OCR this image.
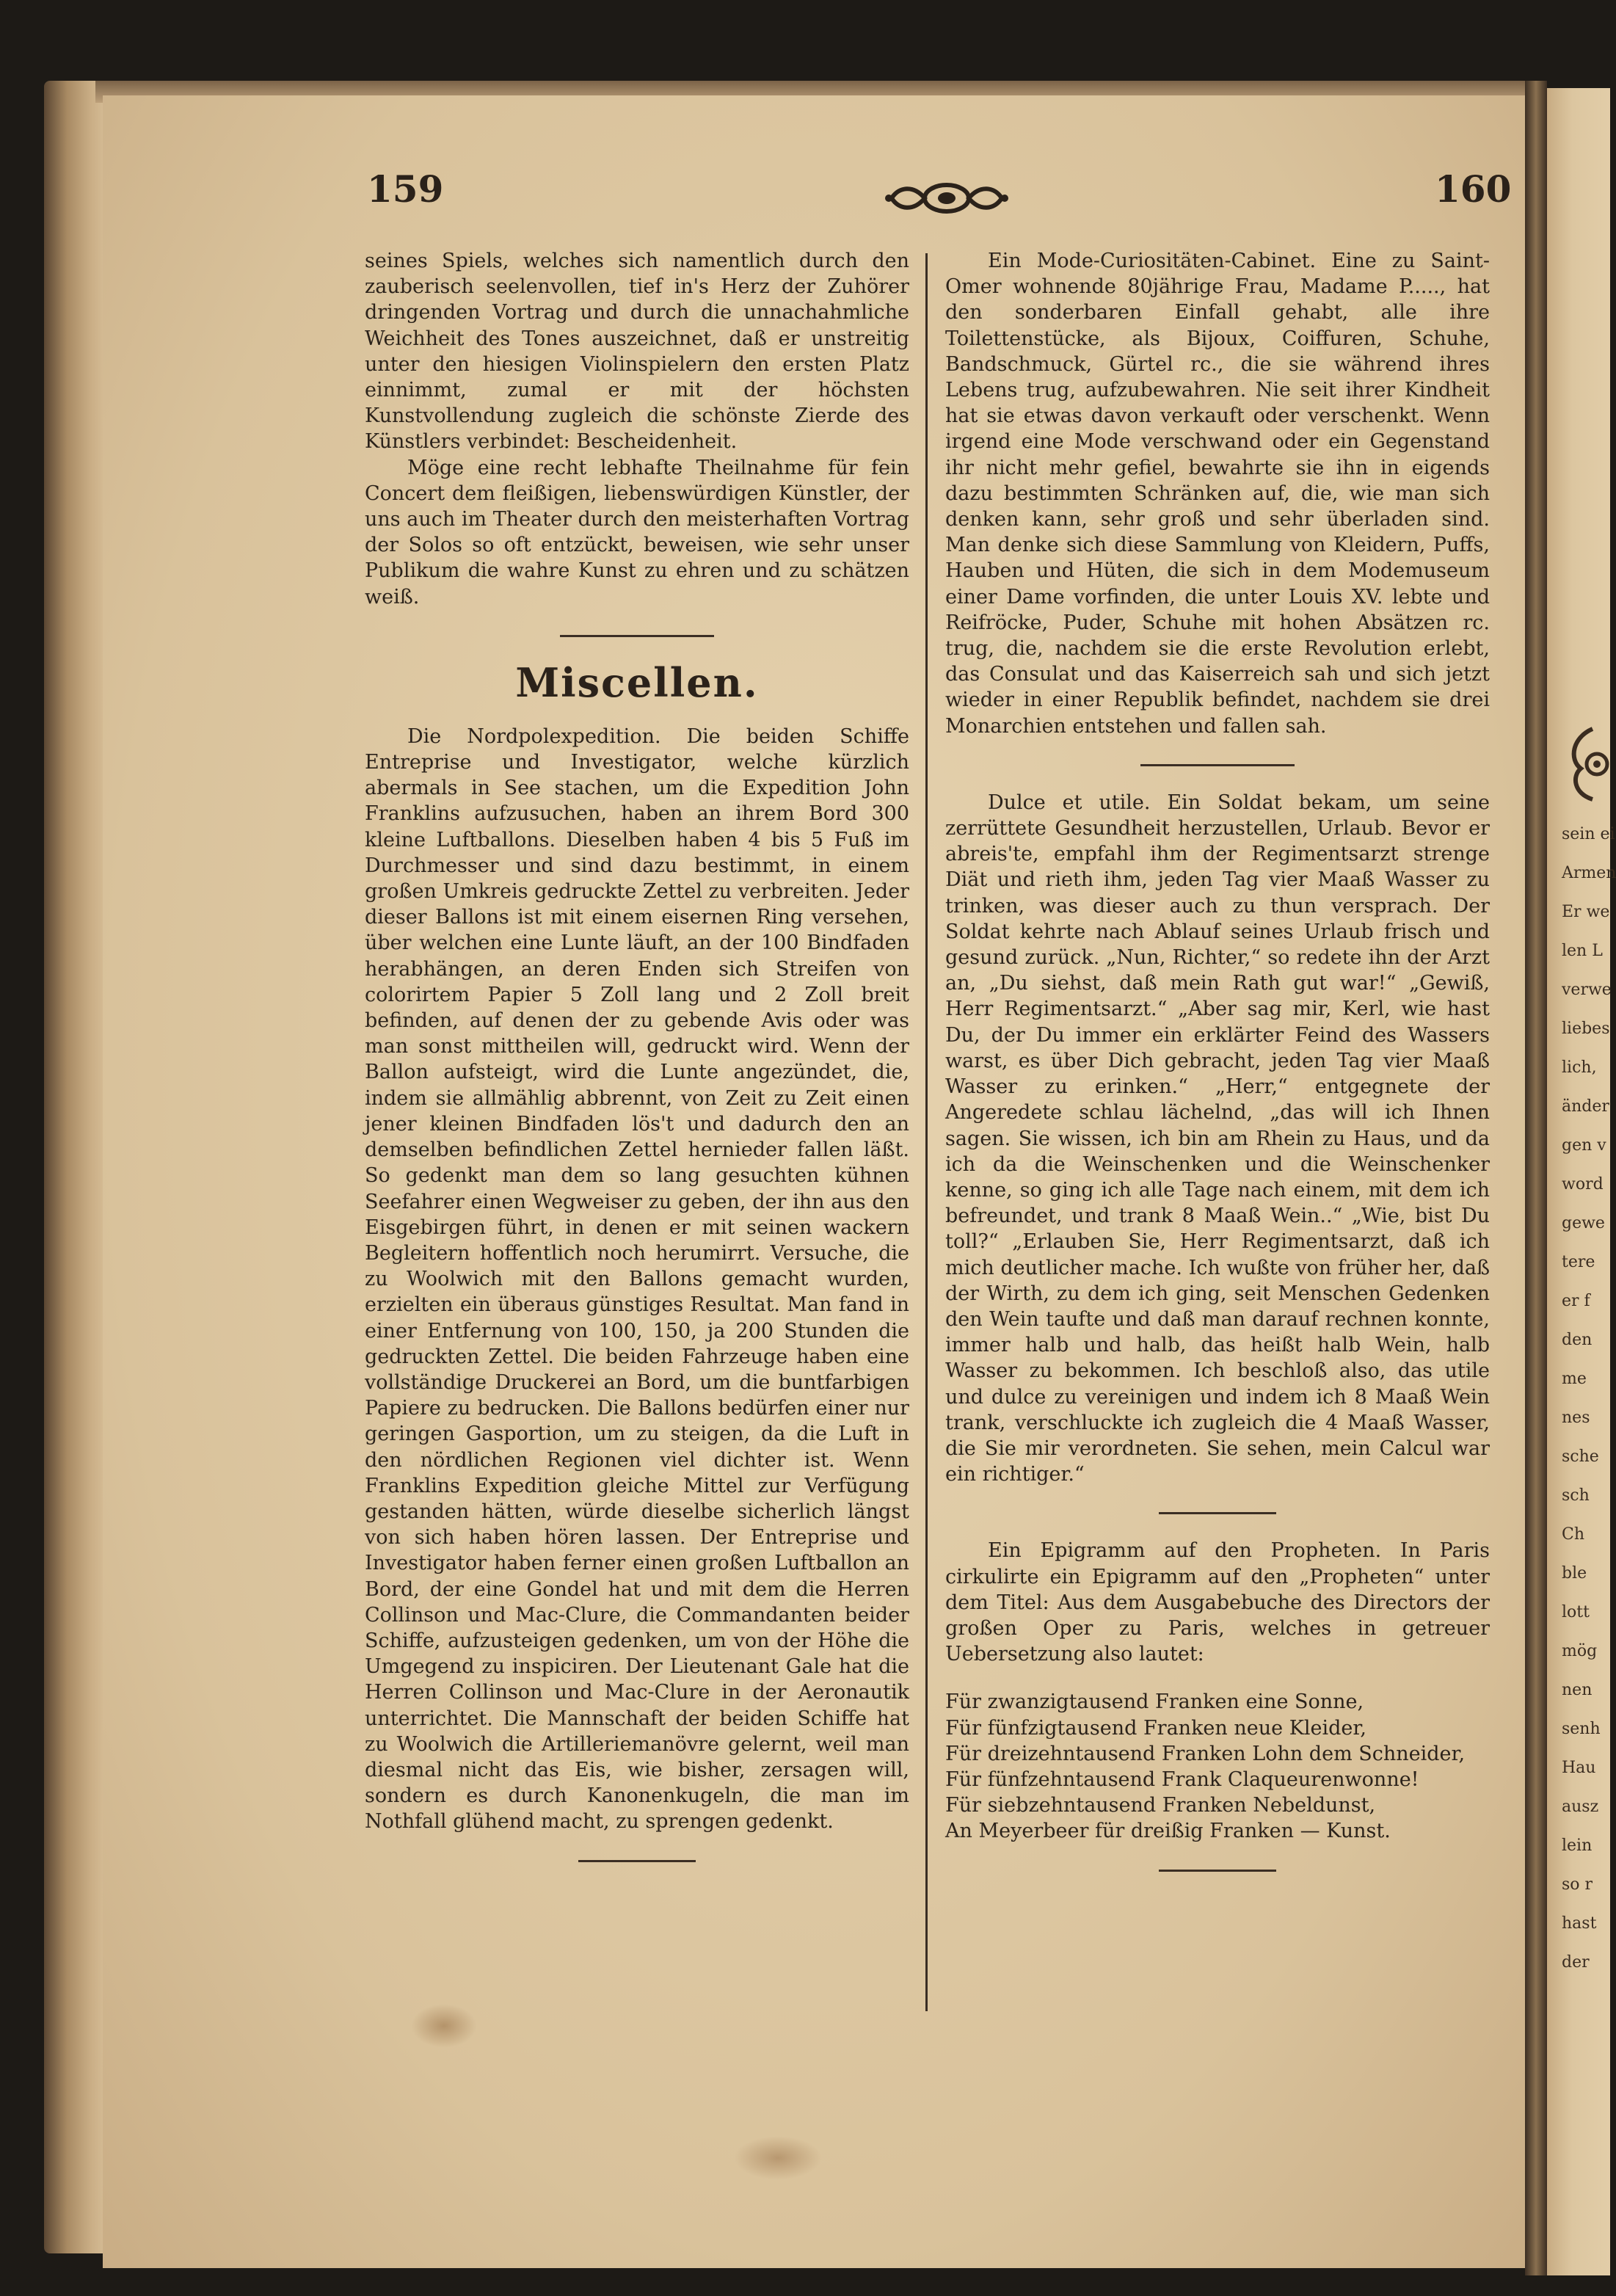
sein ei
Armen
Er we
len L
verwe
liebes
lich,
änder
gen v
word
gewe
tere
er f
den
me
nes
sche
sch
Ch
ble
lott
mög
nen
senh
Hau
ausz
lein
so r
hast
der
159	160

seines Spiels, welches sich namentlich durch den zauberisch seelenvollen, tief in's Herz der Zuhörer dringenden Vortrag und durch die unnachahmliche Weichheit des Tones auszeichnet, daß er unstreitig unter den hiesigen Violinspielern den ersten Platz einnimmt, zumal er mit der höchsten Kunstvollendung zugleich die schönste Zierde des Künstlers verbindet: Bescheidenheit.

Möge eine recht lebhafte Theilnahme für fein Concert dem fleißigen, liebenswürdigen Künstler, der uns auch im Theater durch den meisterhaften Vortrag der Solos so oft entzückt, beweisen, wie sehr unser Publikum die wahre Kunst zu ehren und zu schätzen weiß.

Miscellen.

Die Nordpolexpedition. Die beiden Schiffe Entreprise und Investigator, welche kürzlich abermals in See stachen, um die Expedition John Franklins aufzusuchen, haben an ihrem Bord 300 kleine Luftballons. Dieselben haben 4 bis 5 Fuß im Durchmesser und sind dazu bestimmt, in einem großen Umkreis gedruckte Zettel zu verbreiten. Jeder dieser Ballons ist mit einem eisernen Ring versehen, über welchen eine Lunte läuft, an der 100 Bindfaden herabhängen, an deren Enden sich Streifen von colorirtem Papier 5 Zoll lang und 2 Zoll breit befinden, auf denen der zu gebende Avis oder was man sonst mittheilen will, gedruckt wird. Wenn der Ballon aufsteigt, wird die Lunte angezündet, die, indem sie allmählig abbrennt, von Zeit zu Zeit einen jener kleinen Bindfaden lös't und dadurch den an demselben befindlichen Zettel hernieder fallen läßt. So gedenkt man dem so lang gesuchten kühnen Seefahrer einen Wegweiser zu geben, der ihn aus den Eisgebirgen führt, in denen er mit seinen wackern Begleitern hoffentlich noch herumirrt. Versuche, die zu Woolwich mit den Ballons gemacht wurden, erzielten ein überaus günstiges Resultat. Man fand in einer Entfernung von 100, 150, ja 200 Stunden die gedruckten Zettel. Die beiden Fahrzeuge haben eine vollständige Druckerei an Bord, um die buntfarbigen Papiere zu bedrucken. Die Ballons bedürfen einer nur geringen Gasportion, um zu steigen, da die Luft in den nördlichen Regionen viel dichter ist. Wenn Franklins Expedition gleiche Mittel zur Verfügung gestanden hätten, würde dieselbe sicherlich längst von sich haben hören lassen. Der Entreprise und Investigator haben ferner einen großen Luftballon an Bord, der eine Gondel hat und mit dem die Herren Collinson und Mac-Clure, die Commandanten beider Schiffe, aufzusteigen gedenken, um von der Höhe die Umgegend zu inspiciren. Der Lieutenant Gale hat die Herren Collinson und Mac-Clure in der Aeronautik unterrichtet. Die Mannschaft der beiden Schiffe hat zu Woolwich die Artilleriemanövre gelernt, weil man diesmal nicht das Eis, wie bisher, zersagen will, sondern es durch Kanonenkugeln, die man im Nothfall glühend macht, zu sprengen gedenkt.

Ein Mode-Curiositäten-Cabinet. Eine zu Saint-Omer wohnende 80jährige Frau, Madame P....., hat den sonderbaren Einfall gehabt, alle ihre Toilettenstücke, als Bijoux, Coiffuren, Schuhe, Bandschmuck, Gürtel rc., die sie während ihres Lebens trug, aufzubewahren. Nie seit ihrer Kindheit hat sie etwas davon verkauft oder verschenkt. Wenn irgend eine Mode verschwand oder ein Gegenstand ihr nicht mehr gefiel, bewahrte sie ihn in eigends dazu bestimmten Schränken auf, die, wie man sich denken kann, sehr groß und sehr überladen sind. Man denke sich diese Sammlung von Kleidern, Puffs, Hauben und Hüten, die sich in dem Modemuseum einer Dame vorfinden, die unter Louis XV. lebte und Reifröcke, Puder, Schuhe mit hohen Absätzen rc. trug, die, nachdem sie die erste Revolution erlebt, das Consulat und das Kaiserreich sah und sich jetzt wieder in einer Republik befindet, nachdem sie drei Monarchien entstehen und fallen sah.

Dulce et utile. Ein Soldat bekam, um seine zerrüttete Gesundheit herzustellen, Urlaub. Bevor er abreis'te, empfahl ihm der Regimentsarzt strenge Diät und rieth ihm, jeden Tag vier Maaß Wasser zu trinken, was dieser auch zu thun versprach. Der Soldat kehrte nach Ablauf seines Urlaub frisch und gesund zurück. „Nun, Richter,“ so redete ihn der Arzt an, „Du siehst, daß mein Rath gut war!“ „Gewiß, Herr Regimentsarzt.“ „Aber sag mir, Kerl, wie hast Du, der Du immer ein erklärter Feind des Wassers warst, es über Dich gebracht, jeden Tag vier Maaß Wasser zu erinken.“ „Herr,“ entgegnete der Angeredete schlau lächelnd, „das will ich Ihnen sagen. Sie wissen, ich bin am Rhein zu Haus, und da ich da die Weinschenken und die Weinschenker kenne, so ging ich alle Tage nach einem, mit dem ich befreundet, und trank 8 Maaß Wein..“ „Wie, bist Du toll?“ „Erlauben Sie, Herr Regimentsarzt, daß ich mich deutlicher mache. Ich wußte von früher her, daß der Wirth, zu dem ich ging, seit Menschen Gedenken den Wein taufte und daß man darauf rechnen konnte, immer halb und halb, das heißt halb Wein, halb Wasser zu bekommen. Ich beschloß also, das utile und dulce zu vereinigen und indem ich 8 Maaß Wein trank, verschluckte ich zugleich die 4 Maaß Wasser, die Sie mir verordneten. Sie sehen, mein Calcul war ein richtiger.“

Ein Epigramm auf den Propheten. In Paris cirkulirte ein Epigramm auf den „Propheten“ unter dem Titel: Aus dem Ausgabebuche des Directors der großen Oper zu Paris, welches in getreuer Uebersetzung also lautet:

Für zwanzigtausend Franken eine Sonne,
Für fünfzigtausend Franken neue Kleider,
Für dreizehntausend Franken Lohn dem Schneider,
Für fünfzehntausend Frank Claqueurenwonne!
Für siebzehntausend Franken Nebeldunst,
An Meyerbeer für dreißig Franken — Kunst.
